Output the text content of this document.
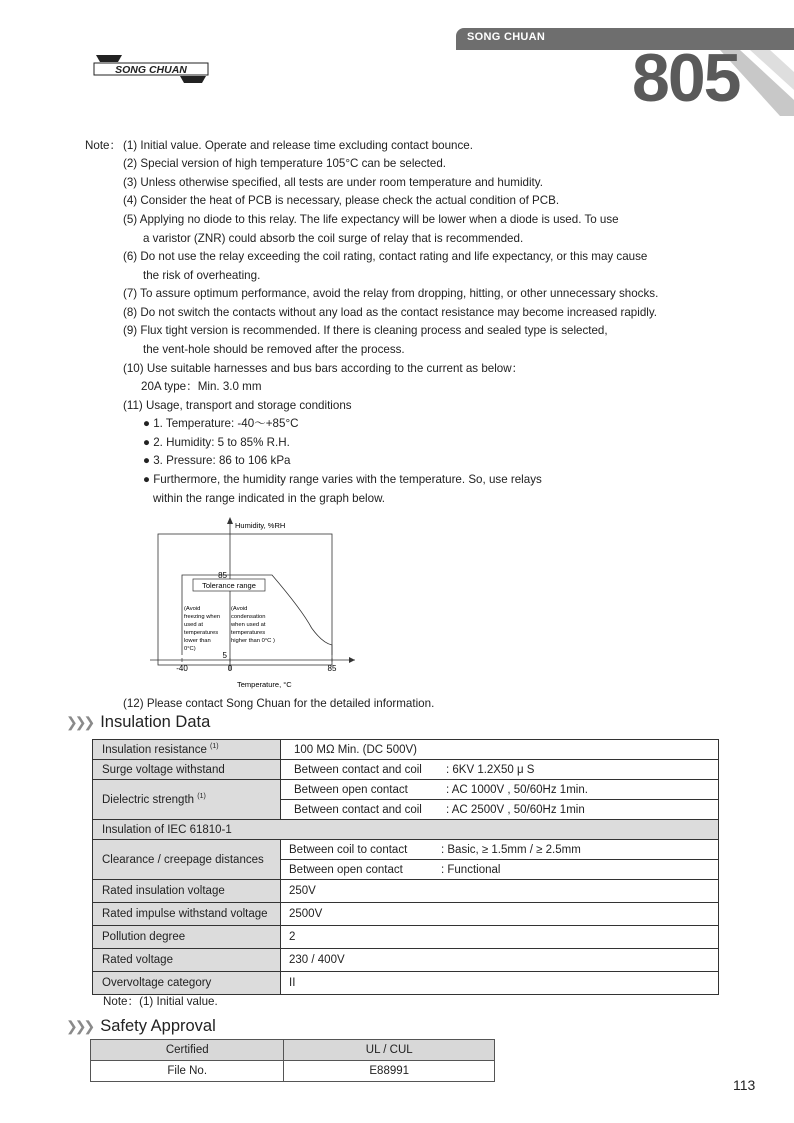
SONG CHUAN
SONG CHUAN
805
Note： (1) Initial value. Operate and release time excluding contact bounce.
(2) Special version of high temperature 105°C can be selected.
(3) Unless otherwise specified, all tests are under room temperature and humidity.
(4) Consider the heat of PCB is necessary, please check the actual condition of PCB.
(5) Applying no diode to this relay. The life expectancy will be lower when a diode is used. To use
a varistor (ZNR) could absorb the coil surge of relay that is recommended.
(6) Do not use the relay exceeding the coil rating, contact rating and life expectancy, or this may cause
the risk of overheating.
(7) To assure optimum performance, avoid the relay from dropping, hitting, or other unnecessary shocks.
(8) Do not switch the contacts without any load as the contact resistance may become increased rapidly.
(9) Flux tight version is recommended. If there is cleaning process and sealed type is selected,
the vent-hole should be removed after the process.
(10) Use suitable harnesses and bus bars according to the current as below：
20A type：Min. 3.0 mm
(11) Usage, transport and storage conditions
● 1. Temperature: -40～+85°C
● 2. Humidity: 5 to 85% R.H.
● 3. Pressure: 86 to 106 kPa
● Furthermore, the humidity range varies with the temperature. So, use relays
within the range indicated in the graph below.
Humidity, %RH
Temperature, °C
Tolerance range
-40	0	85
5
85
(Avoid
freezing when
used at
temperatures
lower than
0°C)
(Avoid
condensation
when used at
temperatures
higher than 0°C )
(12) Please contact Song Chuan for the detailed information.
❯❯❯ Insulation Data
Insulation resistance $^{(1)}$	100 MΩ Min. (DC 500V)
Surge voltage withstand	Between contact and coil : 6KV 1.2X50 μ S
Dielectric strength $^{(1)}$	Between open contact : AC 1000V , 50/60Hz 1min.
	Between contact and coil : AC 2500V , 50/60Hz 1min
Insulation of IEC 61810-1	
Clearance / creepage distances	Between coil to contact : Basic, ≥ 1.5mm / ≥ 2.5mm
	Between open contact : Functional
Rated insulation voltage	250V
Rated impulse withstand voltage	2500V
Pollution degree	2
Rated voltage	230 / 400V
Overvoltage category	II
Note：(1) Initial value.
❯❯❯ Safety Approval
Certified	UL / CUL
File No.	E88991
113
